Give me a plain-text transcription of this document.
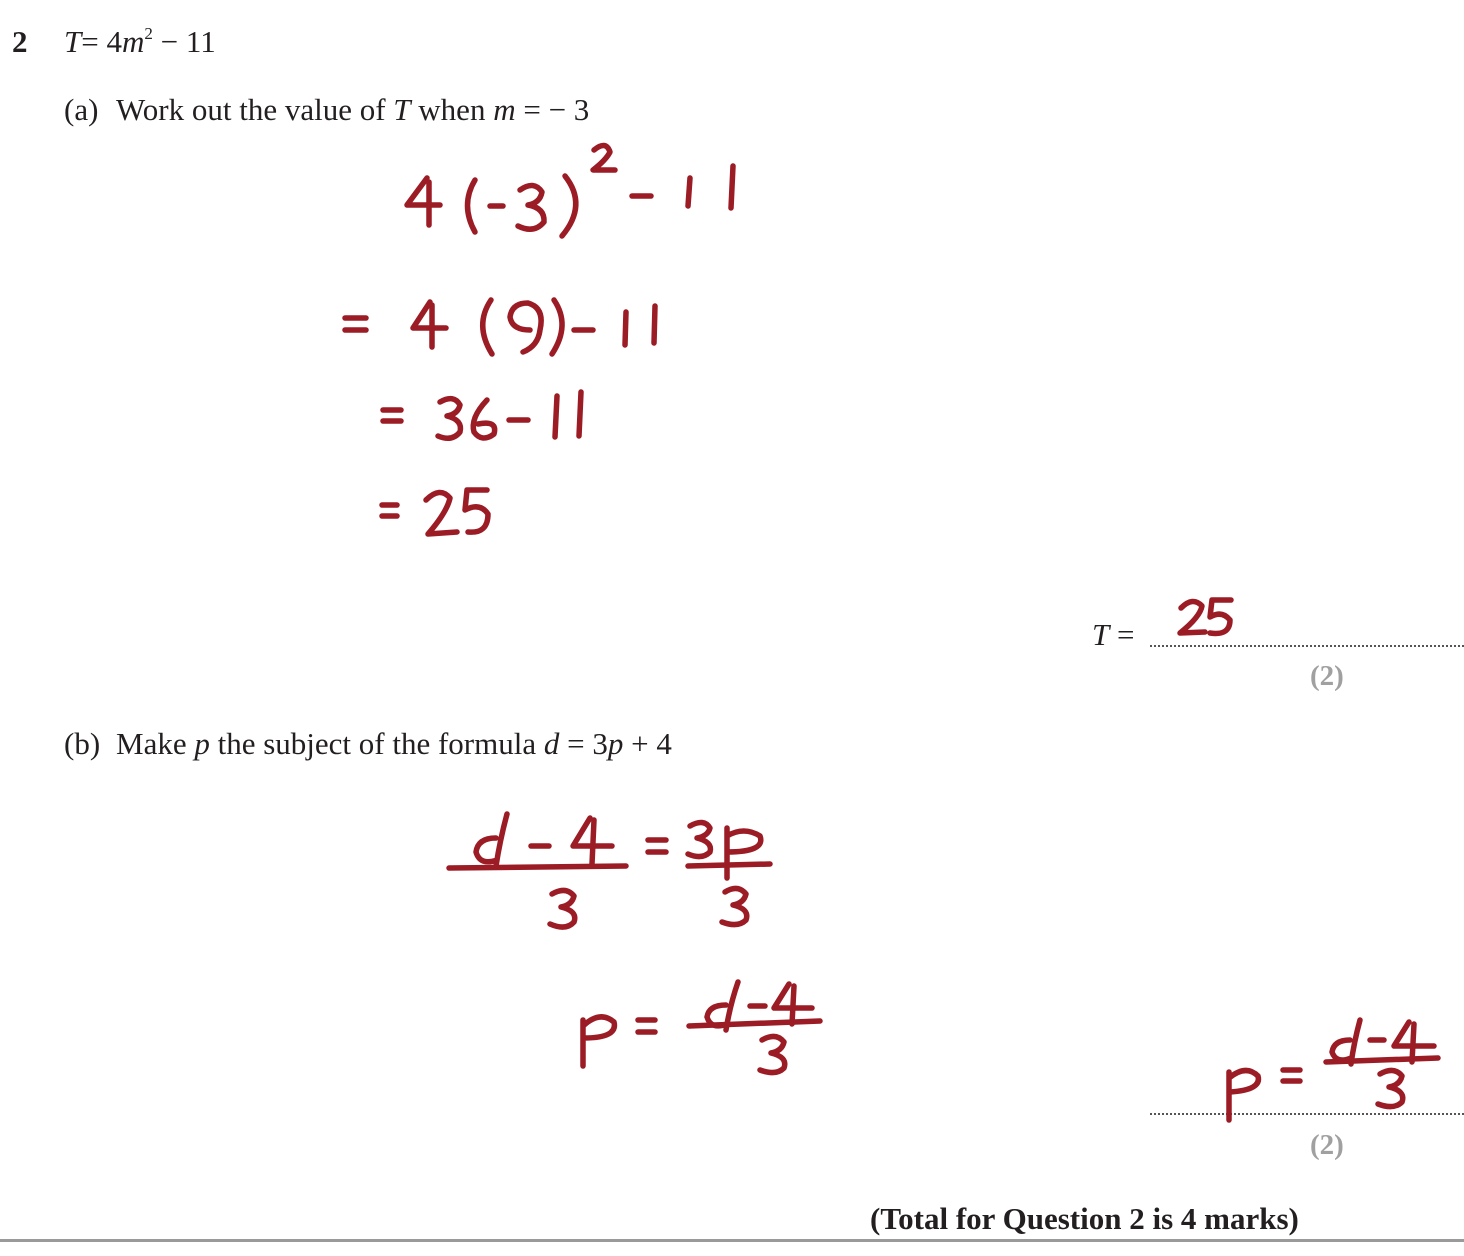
2 $T= 4m^2 - 11$
(a) Work out the value of T when m = − 3
T =
(2)
(b) Make p the subject of the formula d = 3p + 4
(2)
(Total for Question 2 is 4 marks)
